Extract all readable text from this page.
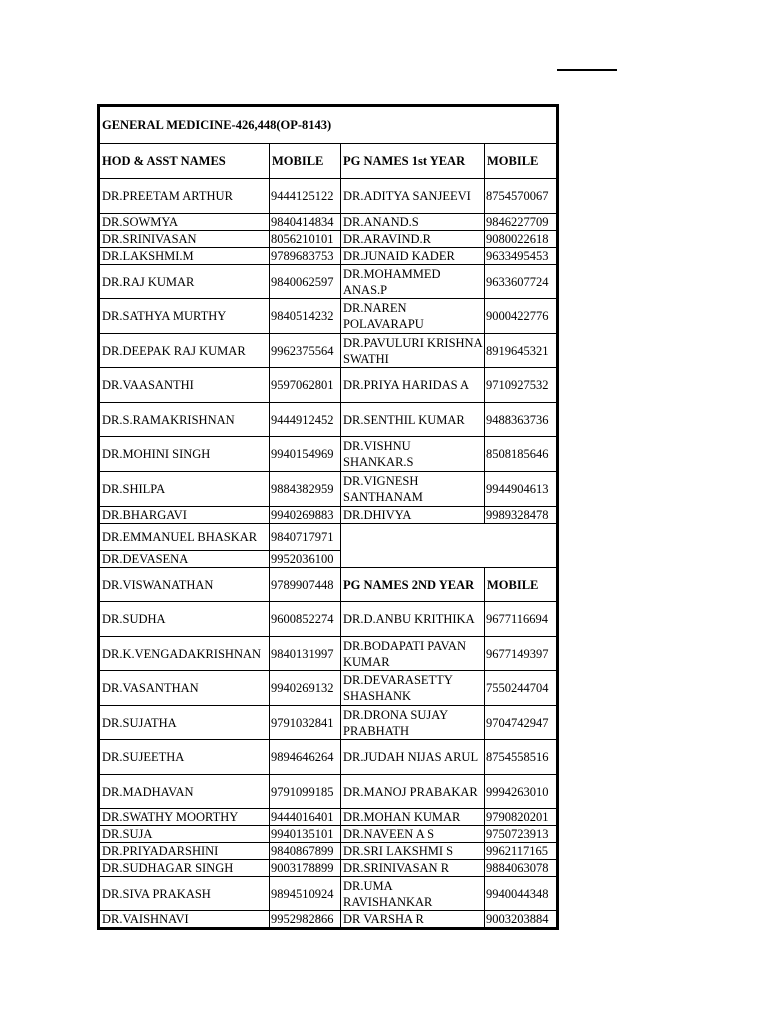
GENERAL MEDICINE-426,448(OP-8143)			
HOD & ASST NAMES	MOBILE	PG NAMES 1st YEAR	MOBILE
DR.PREETAM ARTHUR	9444125122	DR.ADITYA SANJEEVI	8754570067
DR.SOWMYA	9840414834	DR.ANAND.S	9846227709
DR.SRINIVASAN	8056210101	DR.ARAVIND.R	9080022618
DR.LAKSHMI.M	9789683753	DR.JUNAID KADER	9633495453
DR.RAJ KUMAR	9840062597	DR.MOHAMMED ANAS.P	9633607724
DR.SATHYA MURTHY	9840514232	DR.NAREN POLAVARAPU	9000422776
DR.DEEPAK RAJ KUMAR	9962375564	DR.PAVULURI KRISHNA SWATHI	8919645321
DR.VAASANTHI	9597062801	DR.PRIYA HARIDAS A	9710927532
DR.S.RAMAKRISHNAN	9444912452	DR.SENTHIL KUMAR	9488363736
DR.MOHINI SINGH	9940154969	DR.VISHNU SHANKAR.S	8508185646
DR.SHILPA	9884382959	DR.VIGNESH SANTHANAM	9944904613
DR.BHARGAVI	9940269883	DR.DHIVYA	9989328478
DR.EMMANUEL BHASKAR	9840717971		
DR.DEVASENA	9952036100		
DR.VISWANATHAN	9789907448	PG NAMES 2ND YEAR	MOBILE
DR.SUDHA	9600852274	DR.D.ANBU KRITHIKA	9677116694
DR.K.VENGADAKRISHNAN	9840131997	DR.BODAPATI PAVAN KUMAR	9677149397
DR.VASANTHAN	9940269132	DR.DEVARASETTY SHASHANK	7550244704
DR.SUJATHA	9791032841	DR.DRONA SUJAY PRABHATH	9704742947
DR.SUJEETHA	9894646264	DR.JUDAH NIJAS ARUL	8754558516
DR.MADHAVAN	9791099185	DR.MANOJ PRABAKAR	9994263010
DR.SWATHY MOORTHY	9444016401	DR.MOHAN KUMAR	9790820201
DR.SUJA	9940135101	DR.NAVEEN A S	9750723913
DR.PRIYADARSHINI	9840867899	DR.SRI LAKSHMI S	9962117165
DR.SUDHAGAR SINGH	9003178899	DR.SRINIVASAN R	9884063078
DR.SIVA PRAKASH	9894510924	DR.UMA RAVISHANKAR	9940044348
DR.VAISHNAVI	9952982866	DR VARSHA R	9003203884
